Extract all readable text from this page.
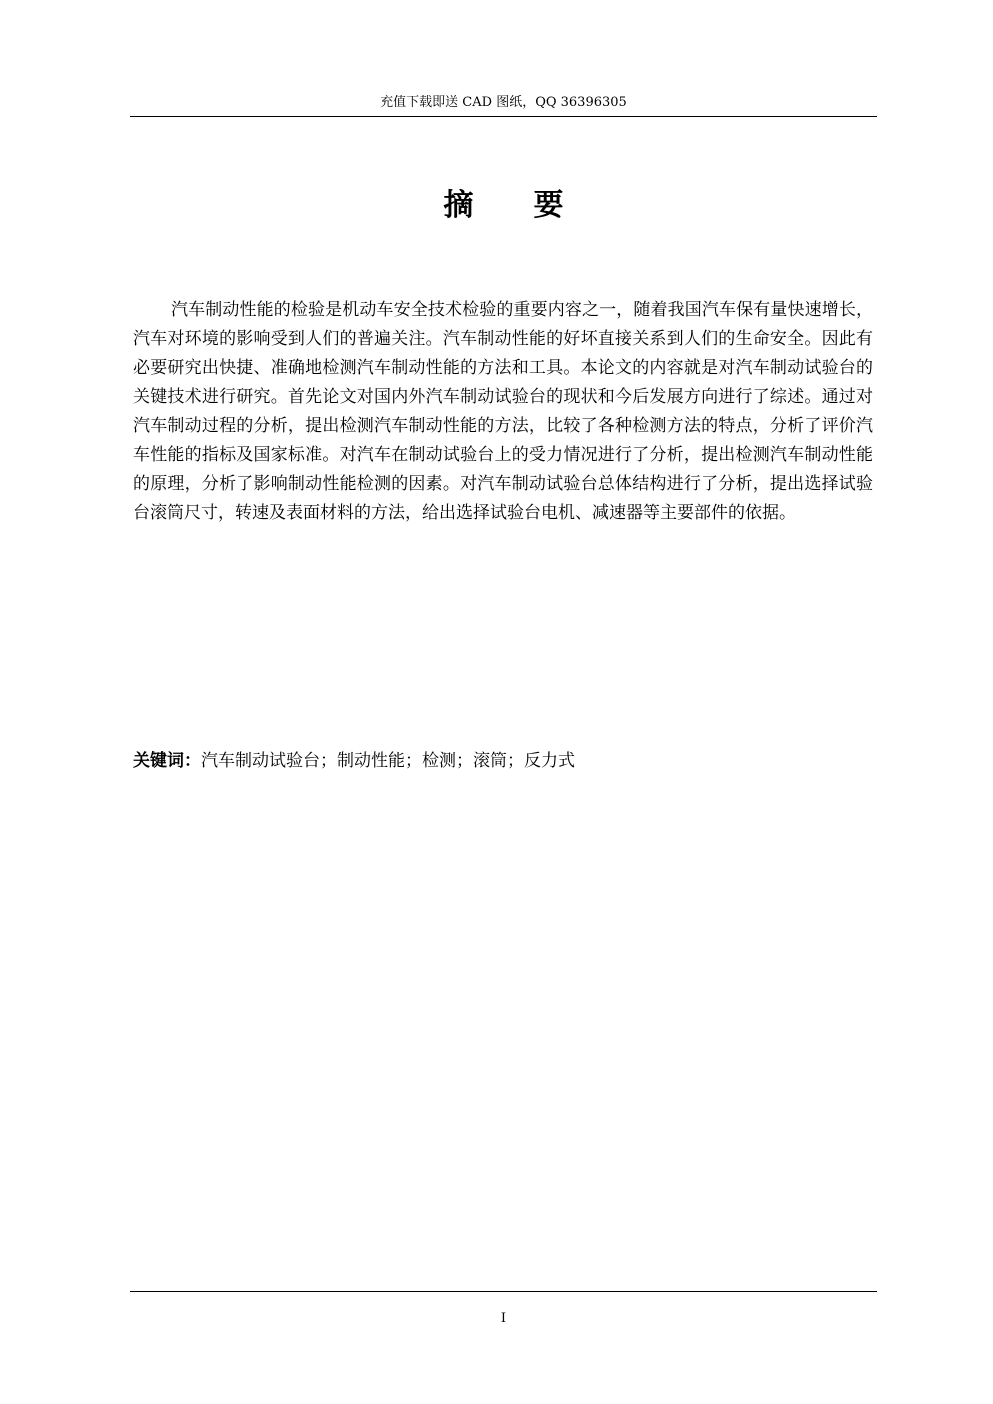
充值下载即送 CAD 图纸，QQ 36396305
摘 要

汽车制动性能的检验是机动车安全技术检验的重要内容之一，随着我国汽车保有量快速增长，汽车对环境的影响受到人们的普遍关注。汽车制动性能的好坏直接关系到人们的生命安全。因此有必要研究出快捷、准确地检测汽车制动性能的方法和工具。本论文的内容就是对汽车制动试验台的关键技术进行研究。首先论文对国内外汽车制动试验台的现状和今后发展方向进行了综述。通过对汽车制动过程的分析，提出检测汽车制动性能的方法，比较了各种检测方法的特点，分析了评价汽车性能的指标及国家标准。对汽车在制动试验台上的受力情况进行了分析，提出检测汽车制动性能的原理，分析了影响制动性能检测的因素。对汽车制动试验台总体结构进行了分析，提出选择试验台滚筒尺寸，转速及表面材料的方法，给出选择试验台电机、减速器等主要部件的依据。

关键词：汽车制动试验台；制动性能；检测；滚筒；反力式

I
